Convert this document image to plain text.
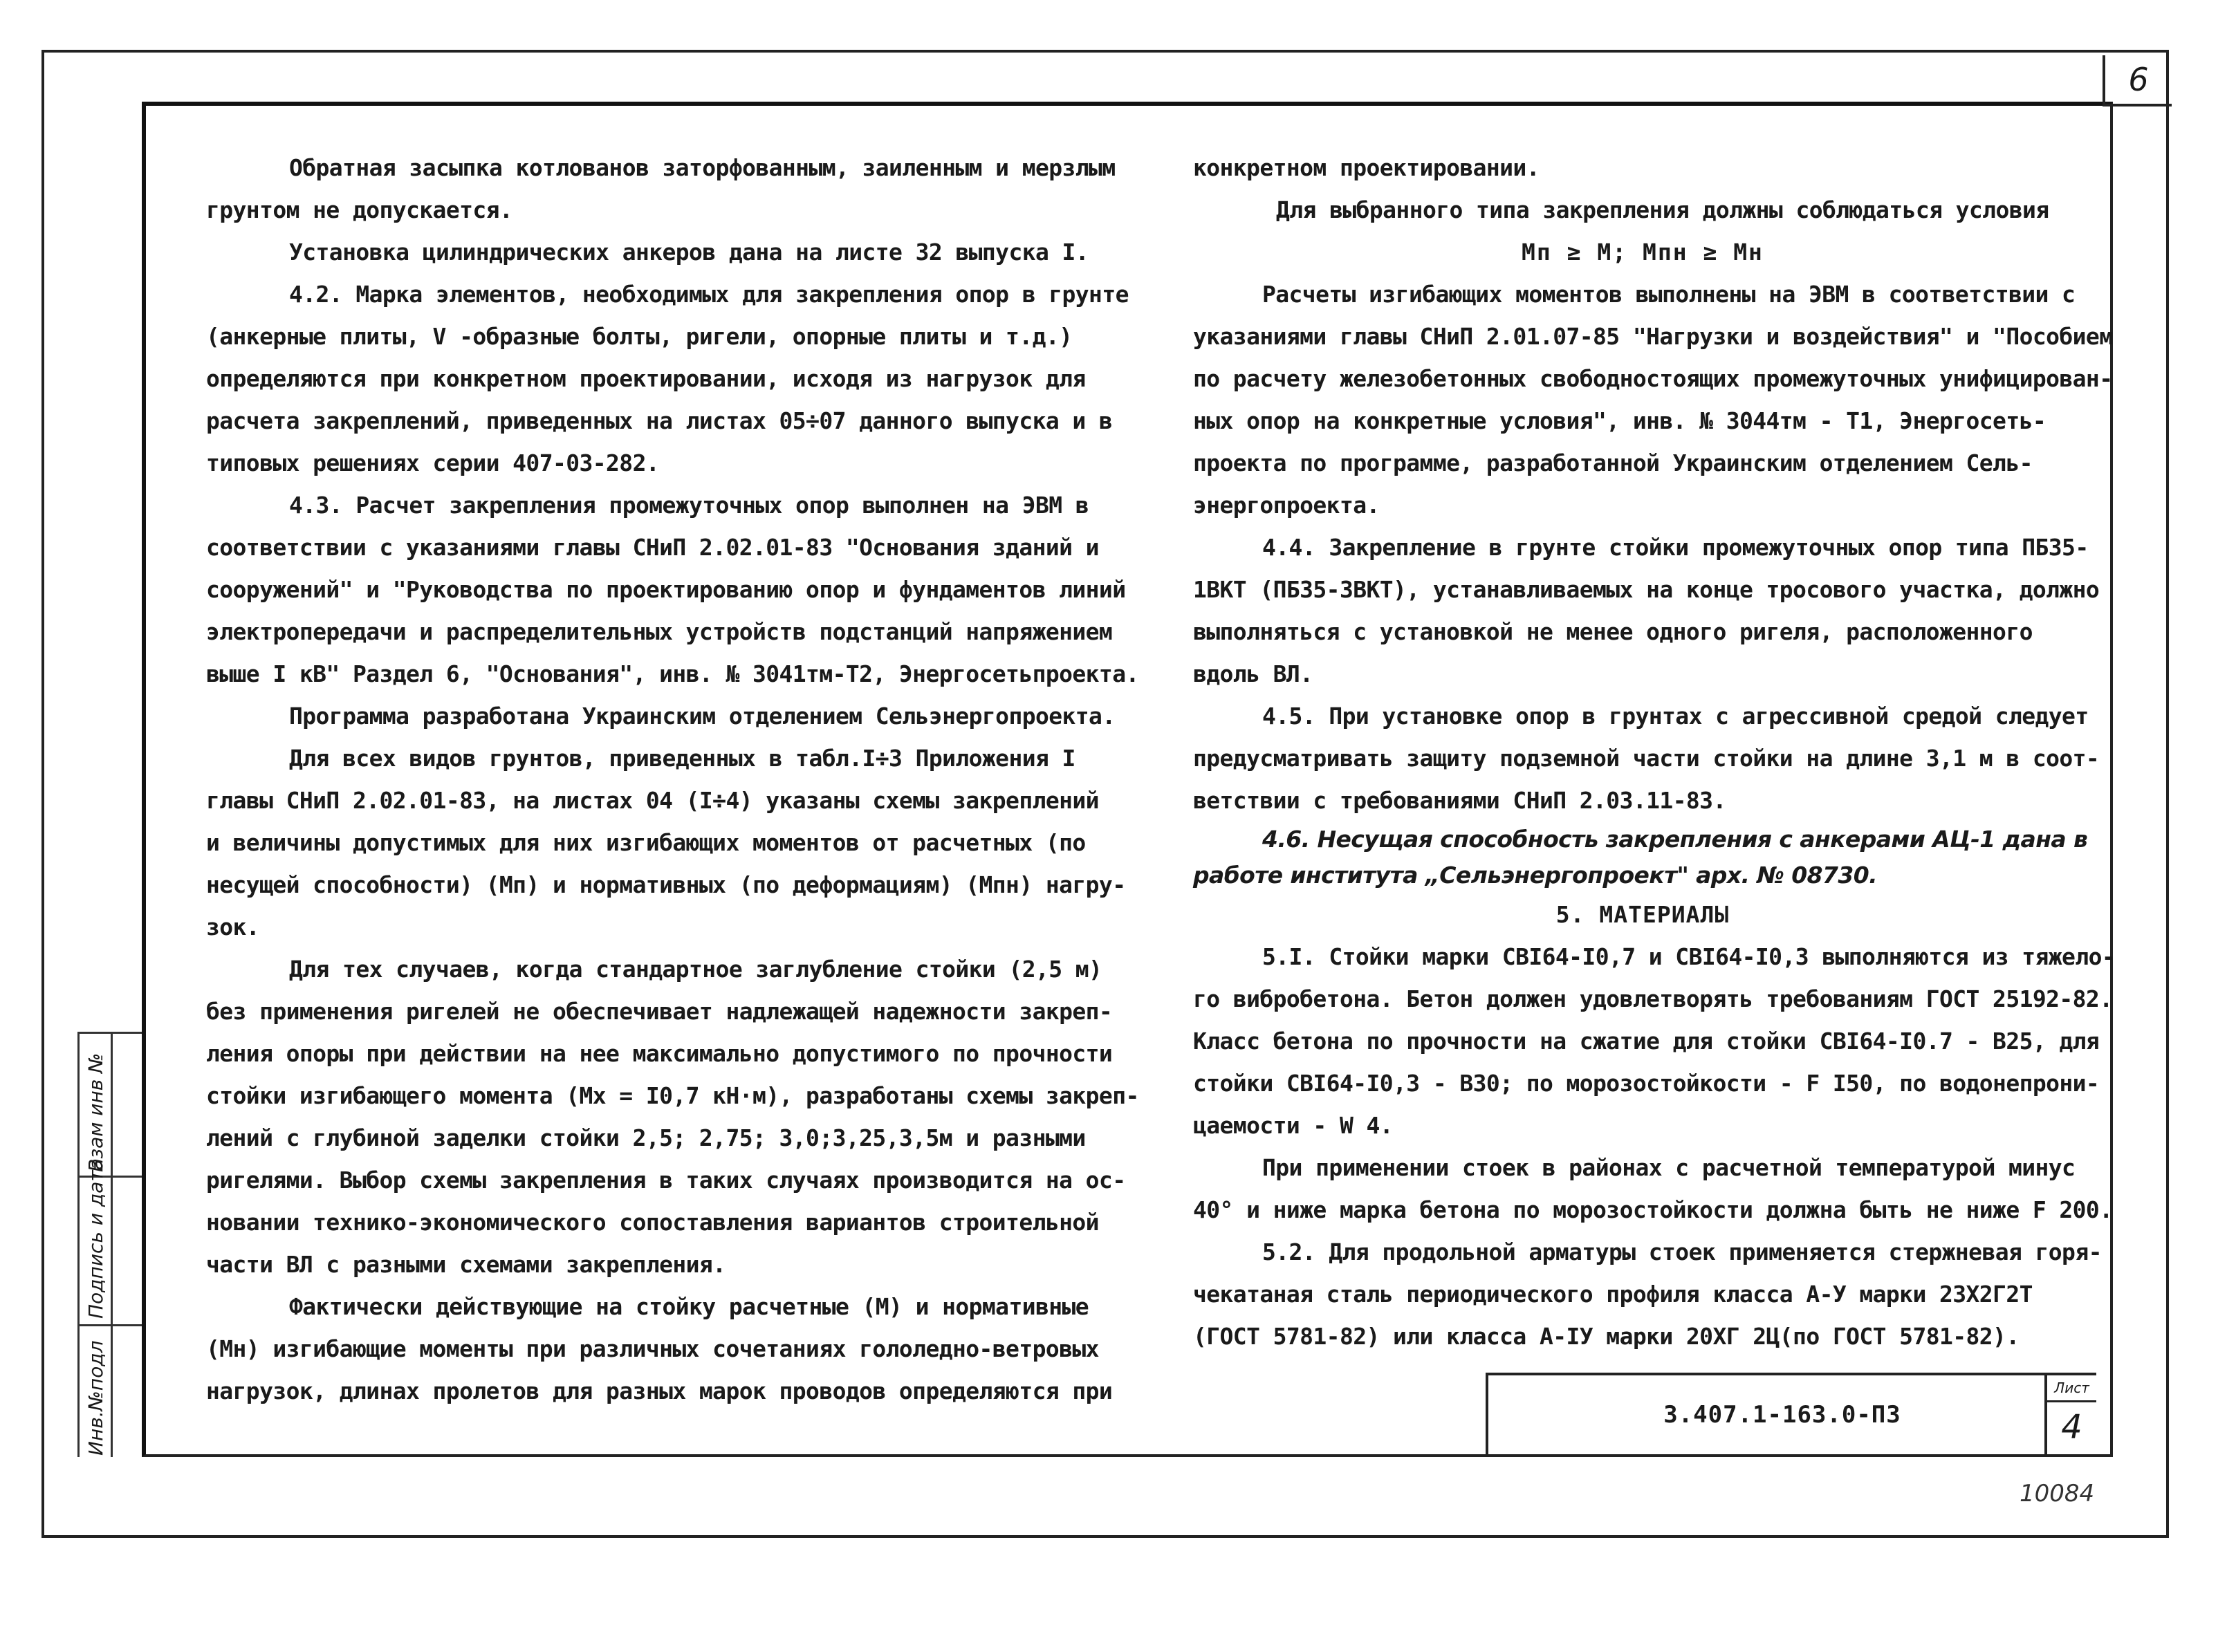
6
Взам инв №
Подпись и дата
Инв.№подл
Обратная засыпка котлованов заторфованным, заиленным и мерзлым
грунтом не допускается.
Установка цилиндрических анкеров дана на листе 32 выпуска I.
4.2. Марка элементов, необходимых для закрепления опор в грунте
(анкерные плиты, V -образные болты, ригели, опорные плиты и т.д.)
определяются при конкретном проектировании, исходя из нагрузок для
расчета закреплений, приведенных на листах 05÷07 данного выпуска и в
типовых решениях серии 407-03-282.
4.3. Расчет закрепления промежуточных опор выполнен на ЭВМ в
соответствии с указаниями главы СНиП 2.02.01-83 "Основания зданий и
сооружений" и "Руководства по проектированию опор и фундаментов линий
электропередачи и распределительных устройств подстанций напряжением
выше I кВ" Раздел 6, "Основания", инв. № 3041тм-Т2, Энергосетьпроекта.
Программа разработана Украинским отделением Сельэнергопроекта.
Для всех видов грунтов, приведенных в табл.I÷3 Приложения I
главы СНиП 2.02.01-83, на листах 04 (I÷4) указаны схемы закреплений
и величины допустимых для них изгибающих моментов от расчетных (по
несущей способности) (Mп) и нормативных (по деформациям) (Mпн) нагру-
зок.
Для тех случаев, когда стандартное заглубление стойки (2,5 м)
без применения ригелей не обеспечивает надлежащей надежности закреп-
ления опоры при действии на нее максимально допустимого по прочности
стойки изгибающего момента (Mx = I0,7 кН·м), разработаны схемы закреп-
лений с глубиной заделки стойки 2,5; 2,75; 3,0;3,25,3,5м и разными
ригелями. Выбор схемы закрепления в таких случаях производится на ос-
новании технико-экономического сопоставления вариантов строительной
части ВЛ с разными схемами закрепления.
Фактически действующие на стойку расчетные (M) и нормативные
(Mн) изгибающие моменты при различных сочетаниях гололедно-ветровых
нагрузок, длинах пролетов для разных марок проводов определяются при
конкретном проектировании.
Для выбранного типа закрепления должны соблюдаться условия
Mп ≥ M; Mпн ≥ Mн
Расчеты изгибающих моментов выполнены на ЭВМ в соответствии с
указаниями главы СНиП 2.01.07-85 "Нагрузки и воздействия" и "Пособием
по расчету железобетонных свободностоящих промежуточных унифицирован-
ных опор на конкретные условия", инв. № 3044тм - Т1, Энергосеть-
проекта по программе, разработанной Украинским отделением Сель-
энергопроекта.
4.4. Закрепление в грунте стойки промежуточных опор типа ПБ35-
1ВКТ (ПБ35-3ВКТ), устанавливаемых на конце тросового участка, должно
выполняться с установкой не менее одного ригеля, расположенного
вдоль ВЛ.
4.5. При установке опор в грунтах с агрессивной средой следует
предусматривать защиту подземной части стойки на длине 3,1 м в соот-
ветствии с требованиями СНиП 2.03.11-83.
4.6. Несущая способность закрепления с анкерами АЦ-1 дана в
работе института „Сельэнергопроект" арх. № 08730.
5. МАТЕРИАЛЫ
5.I. Стойки марки СВI64-I0,7 и СВI64-I0,3 выполняются из тяжело-
го вибробетона. Бетон должен удовлетворять требованиям ГОСТ 25192-82.
Класс бетона по прочности на сжатие для стойки СВI64-I0.7 - В25, для
стойки СВI64-I0,3 - В30; по морозостойкости - F I50, по водонепрони-
цаемости - W 4.
При применении стоек в районах с расчетной температурой минус
40° и ниже марка бетона по морозостойкости должна быть не ниже F 200.
5.2. Для продольной арматуры стоек применяется стержневая горя-
чекатаная сталь периодического профиля класса А-У марки 23Х2Г2Т
(ГОСТ 5781-82) или класса А-IУ марки 20ХГ 2Ц(по ГОСТ 5781-82).
3.407.1-163.0-ПЗ
Лист
4
10084
